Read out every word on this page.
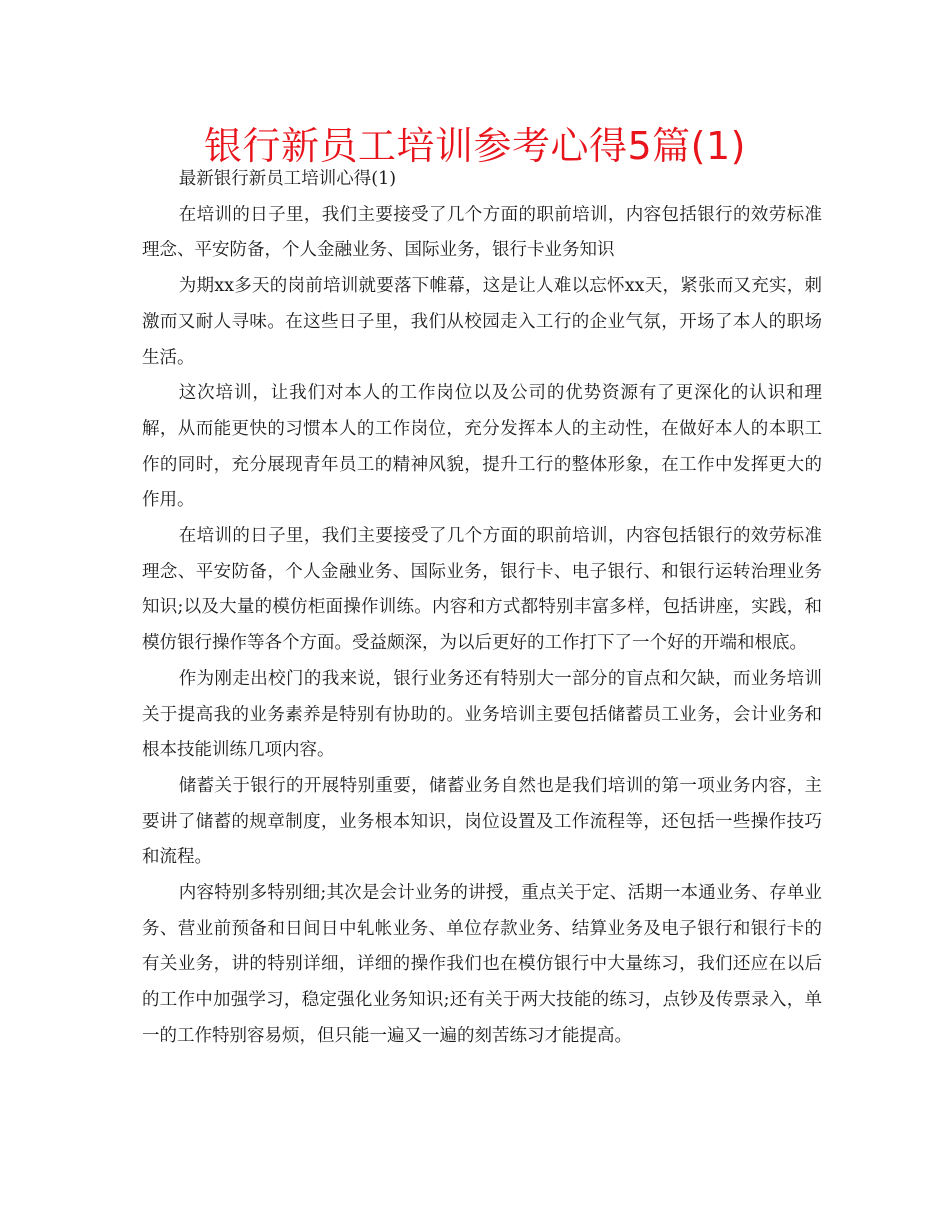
银行新员工培训参考心得5篇(1)

最新银行新员工培训心得(1)

在培训的日子里，我们主要接受了几个方面的职前培训，内容包括银行的效劳标准理念、平安防备，个人金融业务、国际业务，银行卡业务知识

为期xx多天的岗前培训就要落下帷幕，这是让人难以忘怀xx天，紧张而又充实，刺激而又耐人寻味。在这些日子里，我们从校园走入工行的企业气氛，开场了本人的职场生活。

这次培训，让我们对本人的工作岗位以及公司的优势资源有了更深化的认识和理解，从而能更快的习惯本人的工作岗位，充分发挥本人的主动性，在做好本人的本职工作的同时，充分展现青年员工的精神风貌，提升工行的整体形象，在工作中发挥更大的作用。

在培训的日子里，我们主要接受了几个方面的职前培训，内容包括银行的效劳标准理念、平安防备，个人金融业务、国际业务，银行卡、电子银行、和银行运转治理业务知识;以及大量的模仿柜面操作训练。内容和方式都特别丰富多样，包括讲座，实践，和模仿银行操作等各个方面。受益颇深，为以后更好的工作打下了一个好的开端和根底。

作为刚走出校门的我来说，银行业务还有特别大一部分的盲点和欠缺，而业务培训关于提高我的业务素养是特别有协助的。业务培训主要包括储蓄员工业务，会计业务和根本技能训练几项内容。

储蓄关于银行的开展特别重要，储蓄业务自然也是我们培训的第一项业务内容，主要讲了储蓄的规章制度，业务根本知识，岗位设置及工作流程等，还包括一些操作技巧和流程。

内容特别多特别细;其次是会计业务的讲授，重点关于定、活期一本通业务、存单业务、营业前预备和日间日中轧帐业务、单位存款业务、结算业务及电子银行和银行卡的有关业务，讲的特别详细，详细的操作我们也在模仿银行中大量练习，我们还应在以后的工作中加强学习，稳定强化业务知识;还有关于两大技能的练习，点钞及传票录入，单一的工作特别容易烦，但只能一遍又一遍的刻苦练习才能提高。
